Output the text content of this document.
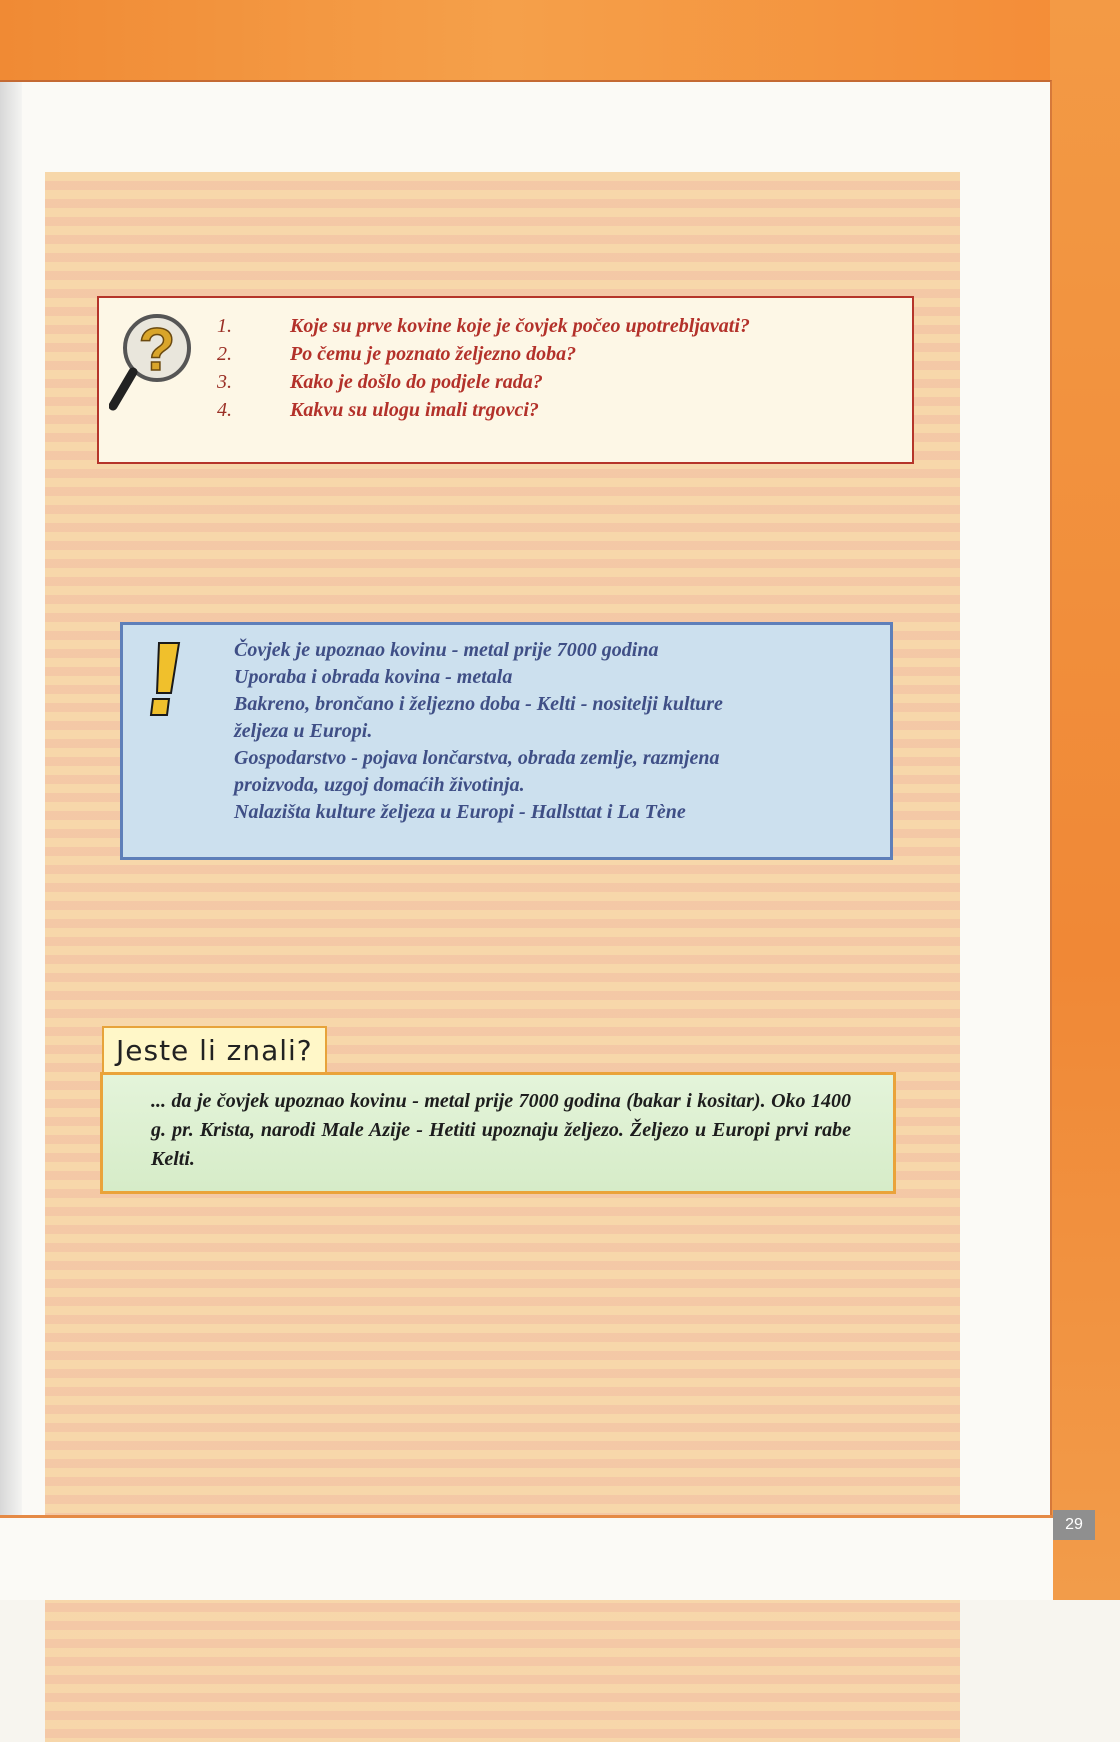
? 1.	Koje su prve kovine koje je čovjek počeo upotrebljavati?
2.	Po čemu je poznato željezno doba?
3.	Kako je došlo do podjele rada?
4.	Kakvu su ulogu imali trgovci?
Čovjek je upoznao kovinu - metal prije 7000 godina
Uporaba i obrada kovina - metala
Bakreno, brončano i željezno doba - Kelti - nositelji kulture
željeza u Europi.
Gospodarstvo - pojava lončarstva, obrada zemlje, razmjena
proizvoda, uzgoj domaćih životinja.
Nalazišta kulture željeza u Europi - Hallsttat i La Tène
Jeste li znali?
... da je čovjek upoznao kovinu - metal prije 7000 godina (bakar i kositar). Oko 1400 g. pr. Krista, narodi Male Azije - Hetiti upoznaju željezo. Željezo u Europi prvi rabe Kelti.
29
